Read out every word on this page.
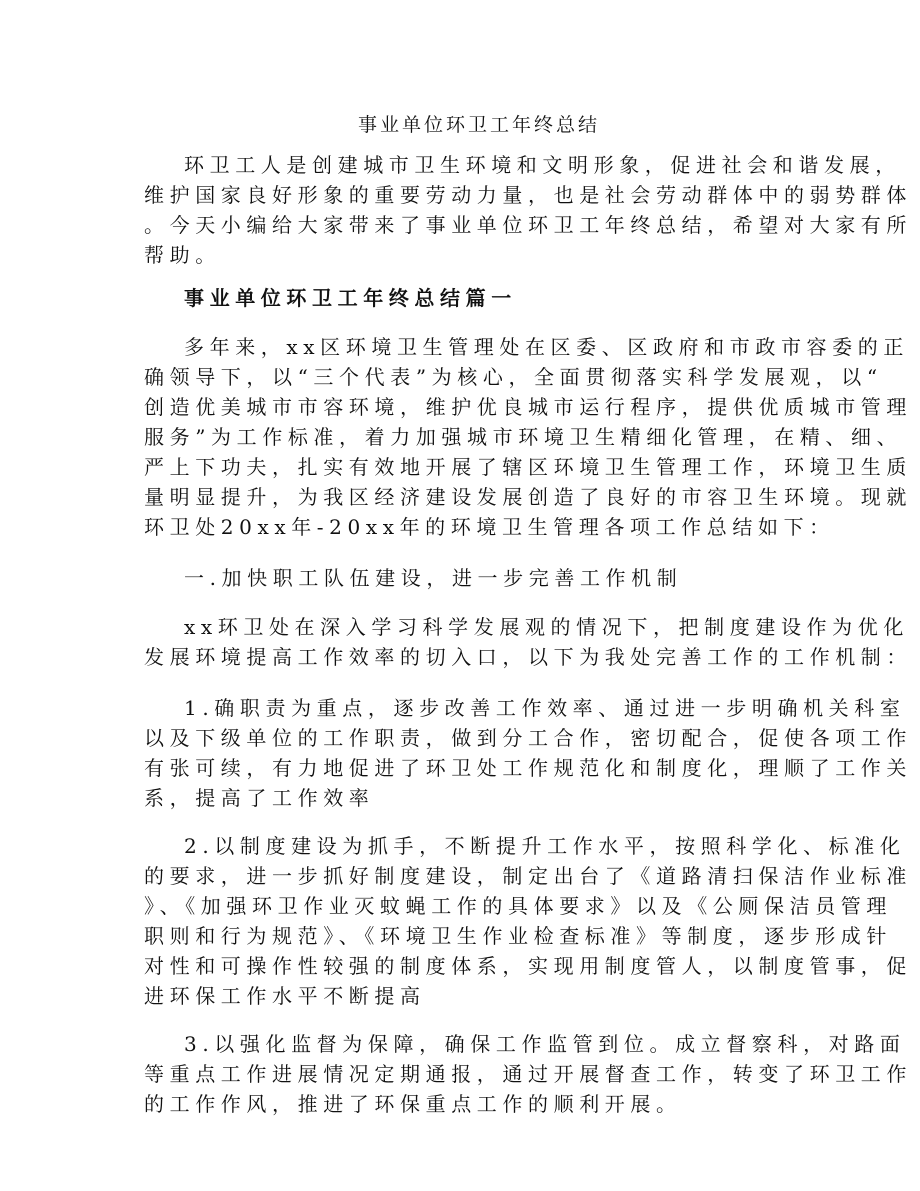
事业单位环卫工年终总结
环卫工人是创建城市卫生环境和文明形象，促进社会和谐发展，
维护国家良好形象的重要劳动力量，也是社会劳动群体中的弱势群体
。今天小编给大家带来了事业单位环卫工年终总结，希望对大家有所
帮助。
事业单位环卫工年终总结篇一
多年来，xx区环境卫生管理处在区委、区政府和市政市容委的正
确领导下，以“三个代表”为核心，全面贯彻落实科学发展观，以“
创造优美城市市容环境，维护优良城市运行程序，提供优质城市管理
服务”为工作标准，着力加强城市环境卫生精细化管理，在精、细、
严上下功夫，扎实有效地开展了辖区环境卫生管理工作，环境卫生质
量明显提升，为我区经济建设发展创造了良好的市容卫生环境。现就
环卫处20xx年-20xx年的环境卫生管理各项工作总结如下：
一.加快职工队伍建设，进一步完善工作机制
xx环卫处在深入学习科学发展观的情况下，把制度建设作为优化
发展环境提高工作效率的切入口，以下为我处完善工作的工作机制：
1.确职责为重点，逐步改善工作效率、通过进一步明确机关科室
以及下级单位的工作职责，做到分工合作，密切配合，促使各项工作
有张可续，有力地促进了环卫处工作规范化和制度化，理顺了工作关
系，提高了工作效率
2.以制度建设为抓手，不断提升工作水平，按照科学化、标准化
的要求，进一步抓好制度建设，制定出台了《道路清扫保洁作业标准
》、《加强环卫作业灭蚊蝇工作的具体要求》以及《公厕保洁员管理
职则和行为规范》、《环境卫生作业检查标准》等制度，逐步形成针
对性和可操作性较强的制度体系，实现用制度管人，以制度管事，促
进环保工作水平不断提高
3.以强化监督为保障，确保工作监管到位。成立督察科，对路面
等重点工作进展情况定期通报，通过开展督查工作，转变了环卫工作
的工作作风，推进了环保重点工作的顺利开展。
